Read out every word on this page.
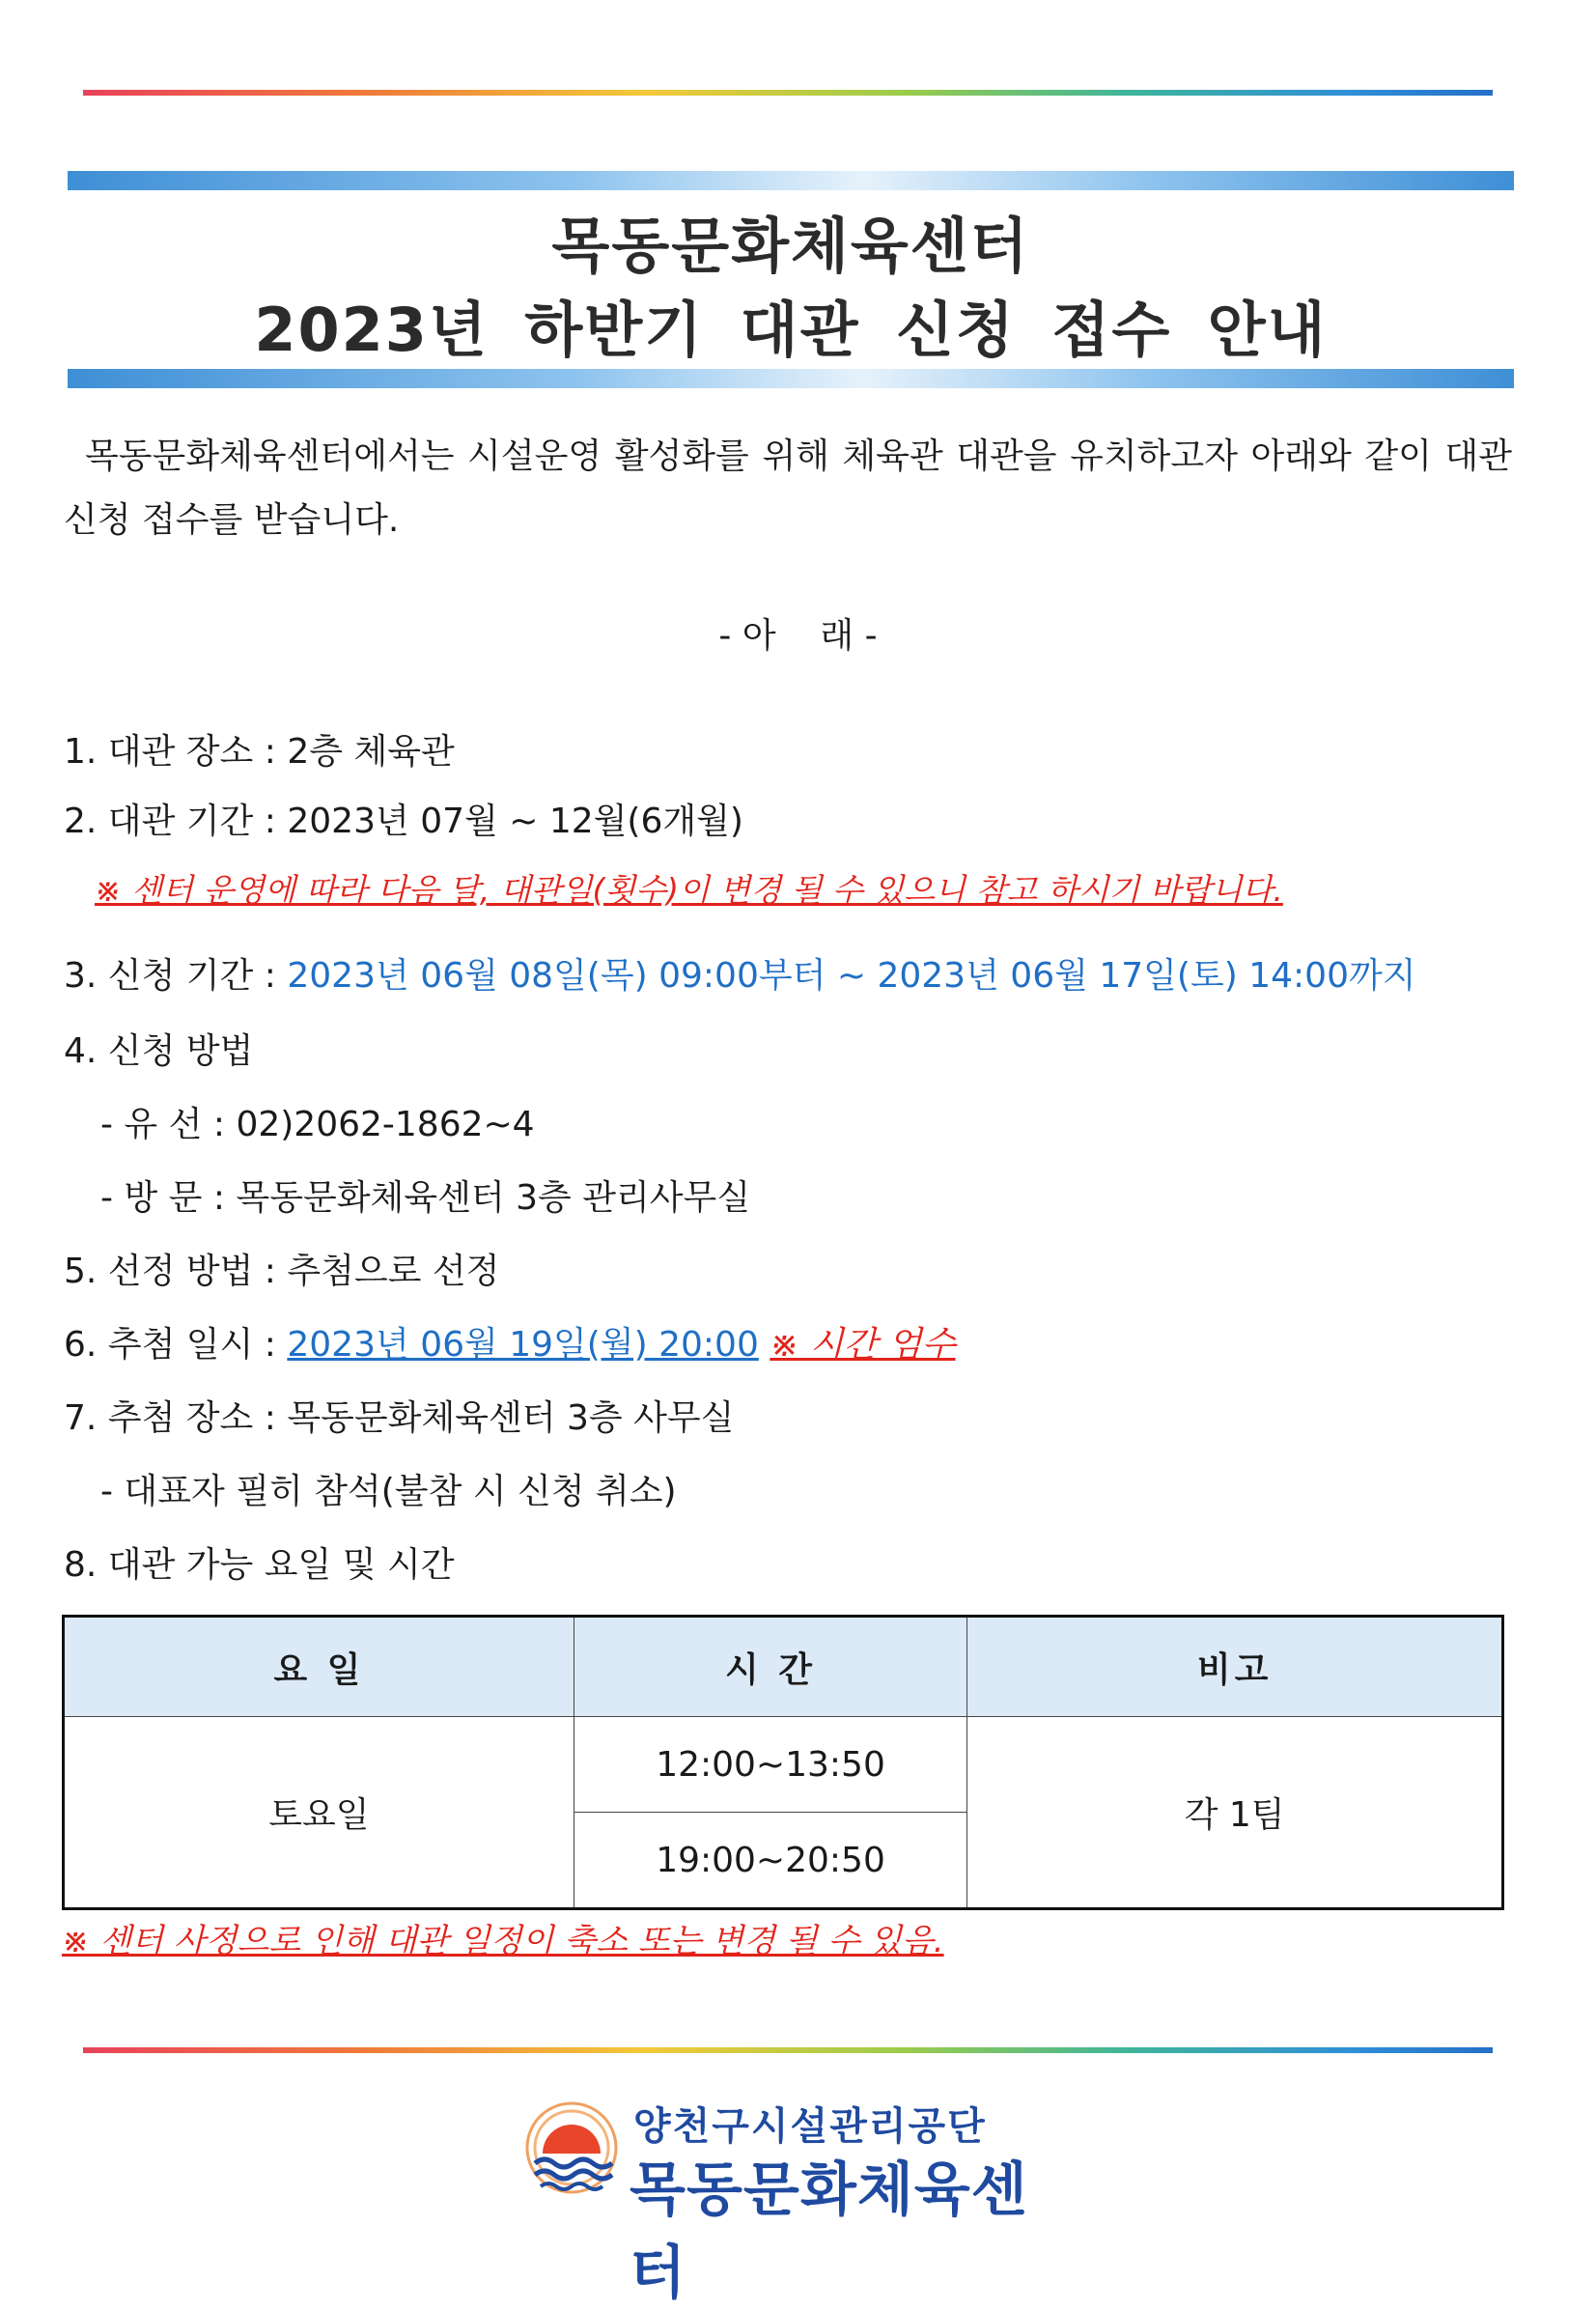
목동문화체육센터
2023년 하반기 대관 신청 접수 안내
목동문화체육센터에서는 시설운영 활성화를 위해 체육관 대관을 유치하고자 아래와 같이 대관 신청 접수를 받습니다.
- 아    래 -
1. 대관 장소 : 2층 체육관
2. 대관 기간 : 2023년 07월 ~ 12월(6개월)
※ 센터 운영에 따라 다음 달, 대관일(횟수)이 변경 될 수 있으니 참고 하시기 바랍니다.
3. 신청 기간 : 2023년 06월 08일(목) 09:00부터 ~ 2023년 06월 17일(토) 14:00까지
4. 신청 방법
- 유 선 : 02)2062-1862~4
- 방 문 : 목동문화체육센터 3층 관리사무실
5. 선정 방법 : 추첨으로 선정
6. 추첨 일시 : 2023년 06월 19일(월) 20:00 ※ 시간 엄수
7. 추첨 장소 : 목동문화체육센터 3층 사무실
- 대표자 필히 참석(불참 시 신청 취소)
8. 대관 가능 요일 및 시간
요 일	시 간	비고
토요일	12:00~13:50	각 1팀
	19:00~20:50	
※ 센터 사정으로 인해 대관 일정이 축소 또는 변경 될 수 있음.
양천구시설관리공단
목동문화체육센터
